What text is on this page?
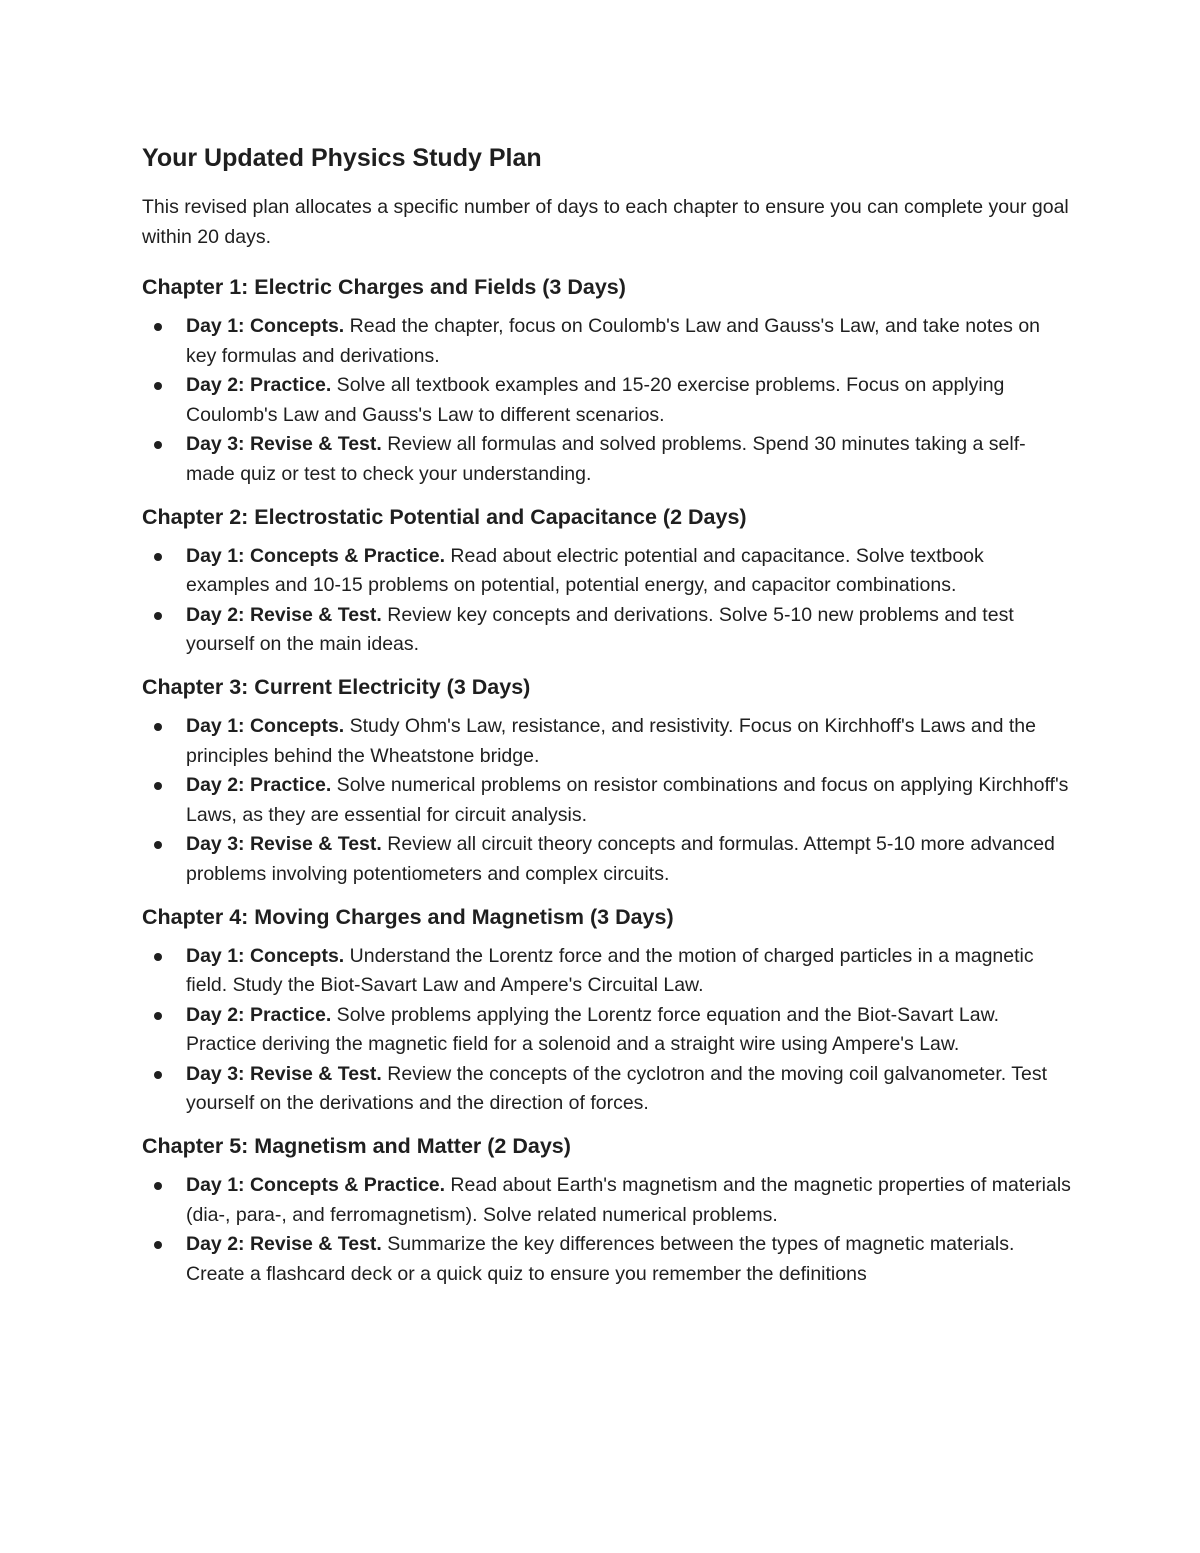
Your Updated Physics Study Plan

This revised plan allocates a specific number of days to each chapter to ensure you can complete your goal within 20 days.

Chapter 1: Electric Charges and Fields (3 Days)
Day 1: Concepts. Read the chapter, focus on Coulomb's Law and Gauss's Law, and take notes on key formulas and derivations.
Day 2: Practice. Solve all textbook examples and 15-20 exercise problems. Focus on applying Coulomb's Law and Gauss's Law to different scenarios.
Day 3: Revise & Test. Review all formulas and solved problems. Spend 30 minutes taking a self-made quiz or test to check your understanding.
Chapter 2: Electrostatic Potential and Capacitance (2 Days)
Day 1: Concepts & Practice. Read about electric potential and capacitance. Solve textbook examples and 10-15 problems on potential, potential energy, and capacitor combinations.
Day 2: Revise & Test. Review key concepts and derivations. Solve 5-10 new problems and test yourself on the main ideas.
Chapter 3: Current Electricity (3 Days)
Day 1: Concepts. Study Ohm's Law, resistance, and resistivity. Focus on Kirchhoff's Laws and the principles behind the Wheatstone bridge.
Day 2: Practice. Solve numerical problems on resistor combinations and focus on applying Kirchhoff's Laws, as they are essential for circuit analysis.
Day 3: Revise & Test. Review all circuit theory concepts and formulas. Attempt 5-10 more advanced problems involving potentiometers and complex circuits.
Chapter 4: Moving Charges and Magnetism (3 Days)
Day 1: Concepts. Understand the Lorentz force and the motion of charged particles in a magnetic field. Study the Biot-Savart Law and Ampere's Circuital Law.
Day 2: Practice. Solve problems applying the Lorentz force equation and the Biot-Savart Law. Practice deriving the magnetic field for a solenoid and a straight wire using Ampere's Law.
Day 3: Revise & Test. Review the concepts of the cyclotron and the moving coil galvanometer. Test yourself on the derivations and the direction of forces.
Chapter 5: Magnetism and Matter (2 Days)
Day 1: Concepts & Practice. Read about Earth's magnetism and the magnetic properties of materials (dia-, para-, and ferromagnetism). Solve related numerical problems.
Day 2: Revise & Test. Summarize the key differences between the types of magnetic materials. Create a flashcard deck or a quick quiz to ensure you remember the definitions
